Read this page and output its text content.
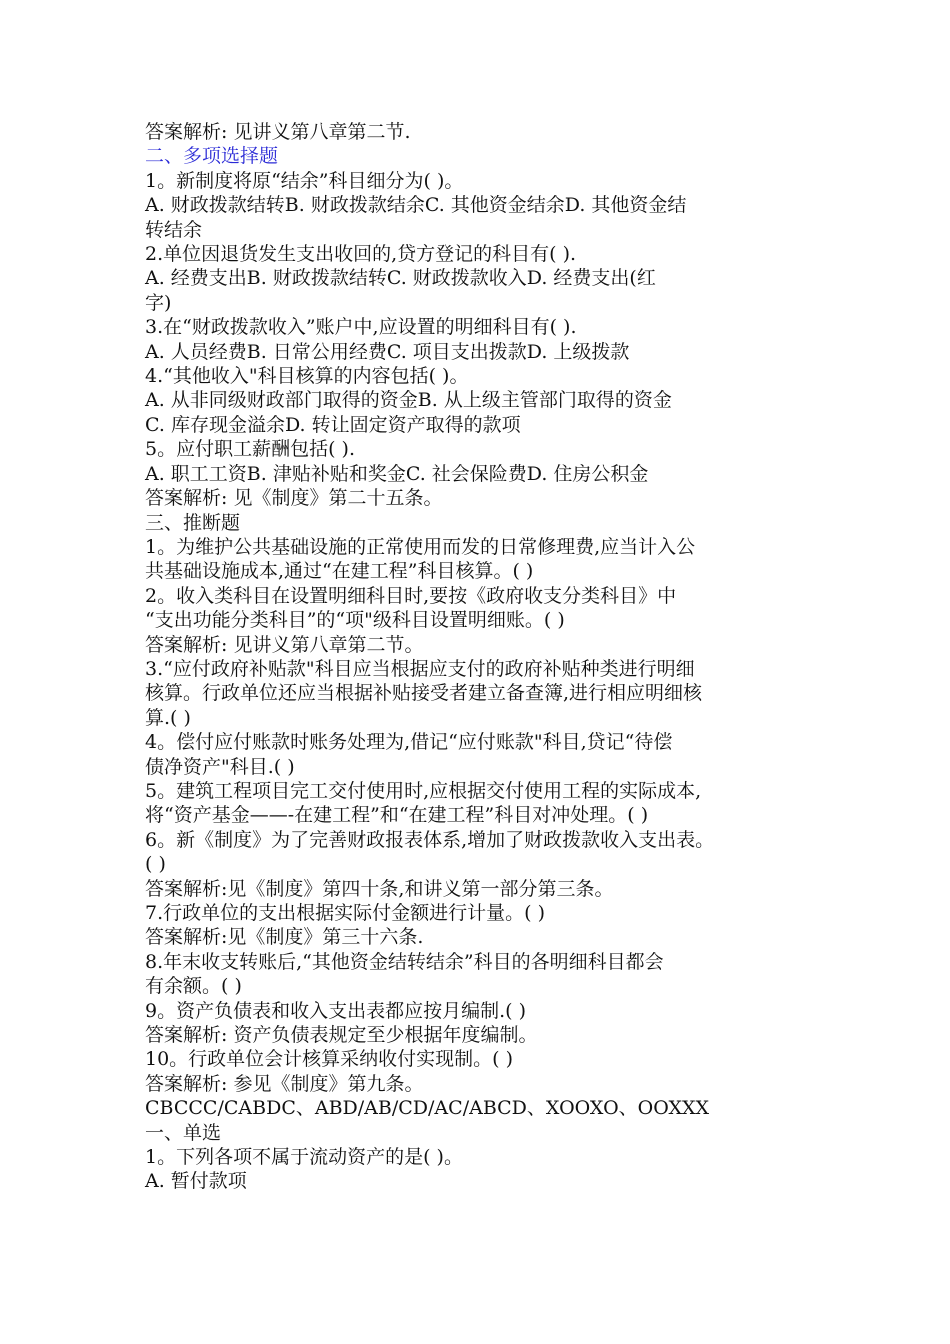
答案解析: 见讲义第八章第二节.
二、多项选择题
1。新制度将原“结余”科目细分为( )。
A. 财政拨款结转B. 财政拨款结余C. 其他资金结余D. 其他资金结
转结余
2.单位因退货发生支出收回的,贷方登记的科目有( ).
A. 经费支出B. 财政拨款结转C. 财政拨款收入D. 经费支出(红
字)
3.在“财政拨款收入”账户中,应设置的明细科目有( ).
A. 人员经费B. 日常公用经费C. 项目支出拨款D. 上级拨款
4.“其他收入"科目核算的内容包括( )。
A. 从非同级财政部门取得的资金B. 从上级主管部门取得的资金
C. 库存现金溢余D. 转让固定资产取得的款项
5。应付职工薪酬包括( ).
A. 职工工资B. 津贴补贴和奖金C. 社会保险费D. 住房公积金
答案解析: 见《制度》第二十五条。
三、推断题
1。为维护公共基础设施的正常使用而发的日常修理费,应当计入公
共基础设施成本,通过“在建工程”科目核算。( )
2。收入类科目在设置明细科目时,要按《政府收支分类科目》中
“支出功能分类科目”的“项"级科目设置明细账。( )
答案解析: 见讲义第八章第二节。
3.“应付政府补贴款"科目应当根据应支付的政府补贴种类进行明细
核算。行政单位还应当根据补贴接受者建立备查簿,进行相应明细核
算.( )
4。偿付应付账款时账务处理为,借记“应付账款"科目,贷记“待偿
债净资产"科目.( )
5。建筑工程项目完工交付使用时,应根据交付使用工程的实际成本,
将“资产基金——-在建工程”和“在建工程”科目对冲处理。( )
6。新《制度》为了完善财政报表体系,增加了财政拨款收入支出表。
( )
答案解析:见《制度》第四十条,和讲义第一部分第三条。
7.行政单位的支出根据实际付金额进行计量。( )
答案解析:见《制度》第三十六条.
8.年末收支转账后,“其他资金结转结余”科目的各明细科目都会
有余额。( )
9。资产负债表和收入支出表都应按月编制.( )
答案解析: 资产负债表规定至少根据年度编制。
10。行政单位会计核算采纳收付实现制。( )
答案解析: 参见《制度》第九条。
CBCCC/CABDC、ABD/AB/CD/AC/ABCD、XOOXO、OOXXX
一、单选
1。下列各项不属于流动资产的是( )。
A. 暂付款项
